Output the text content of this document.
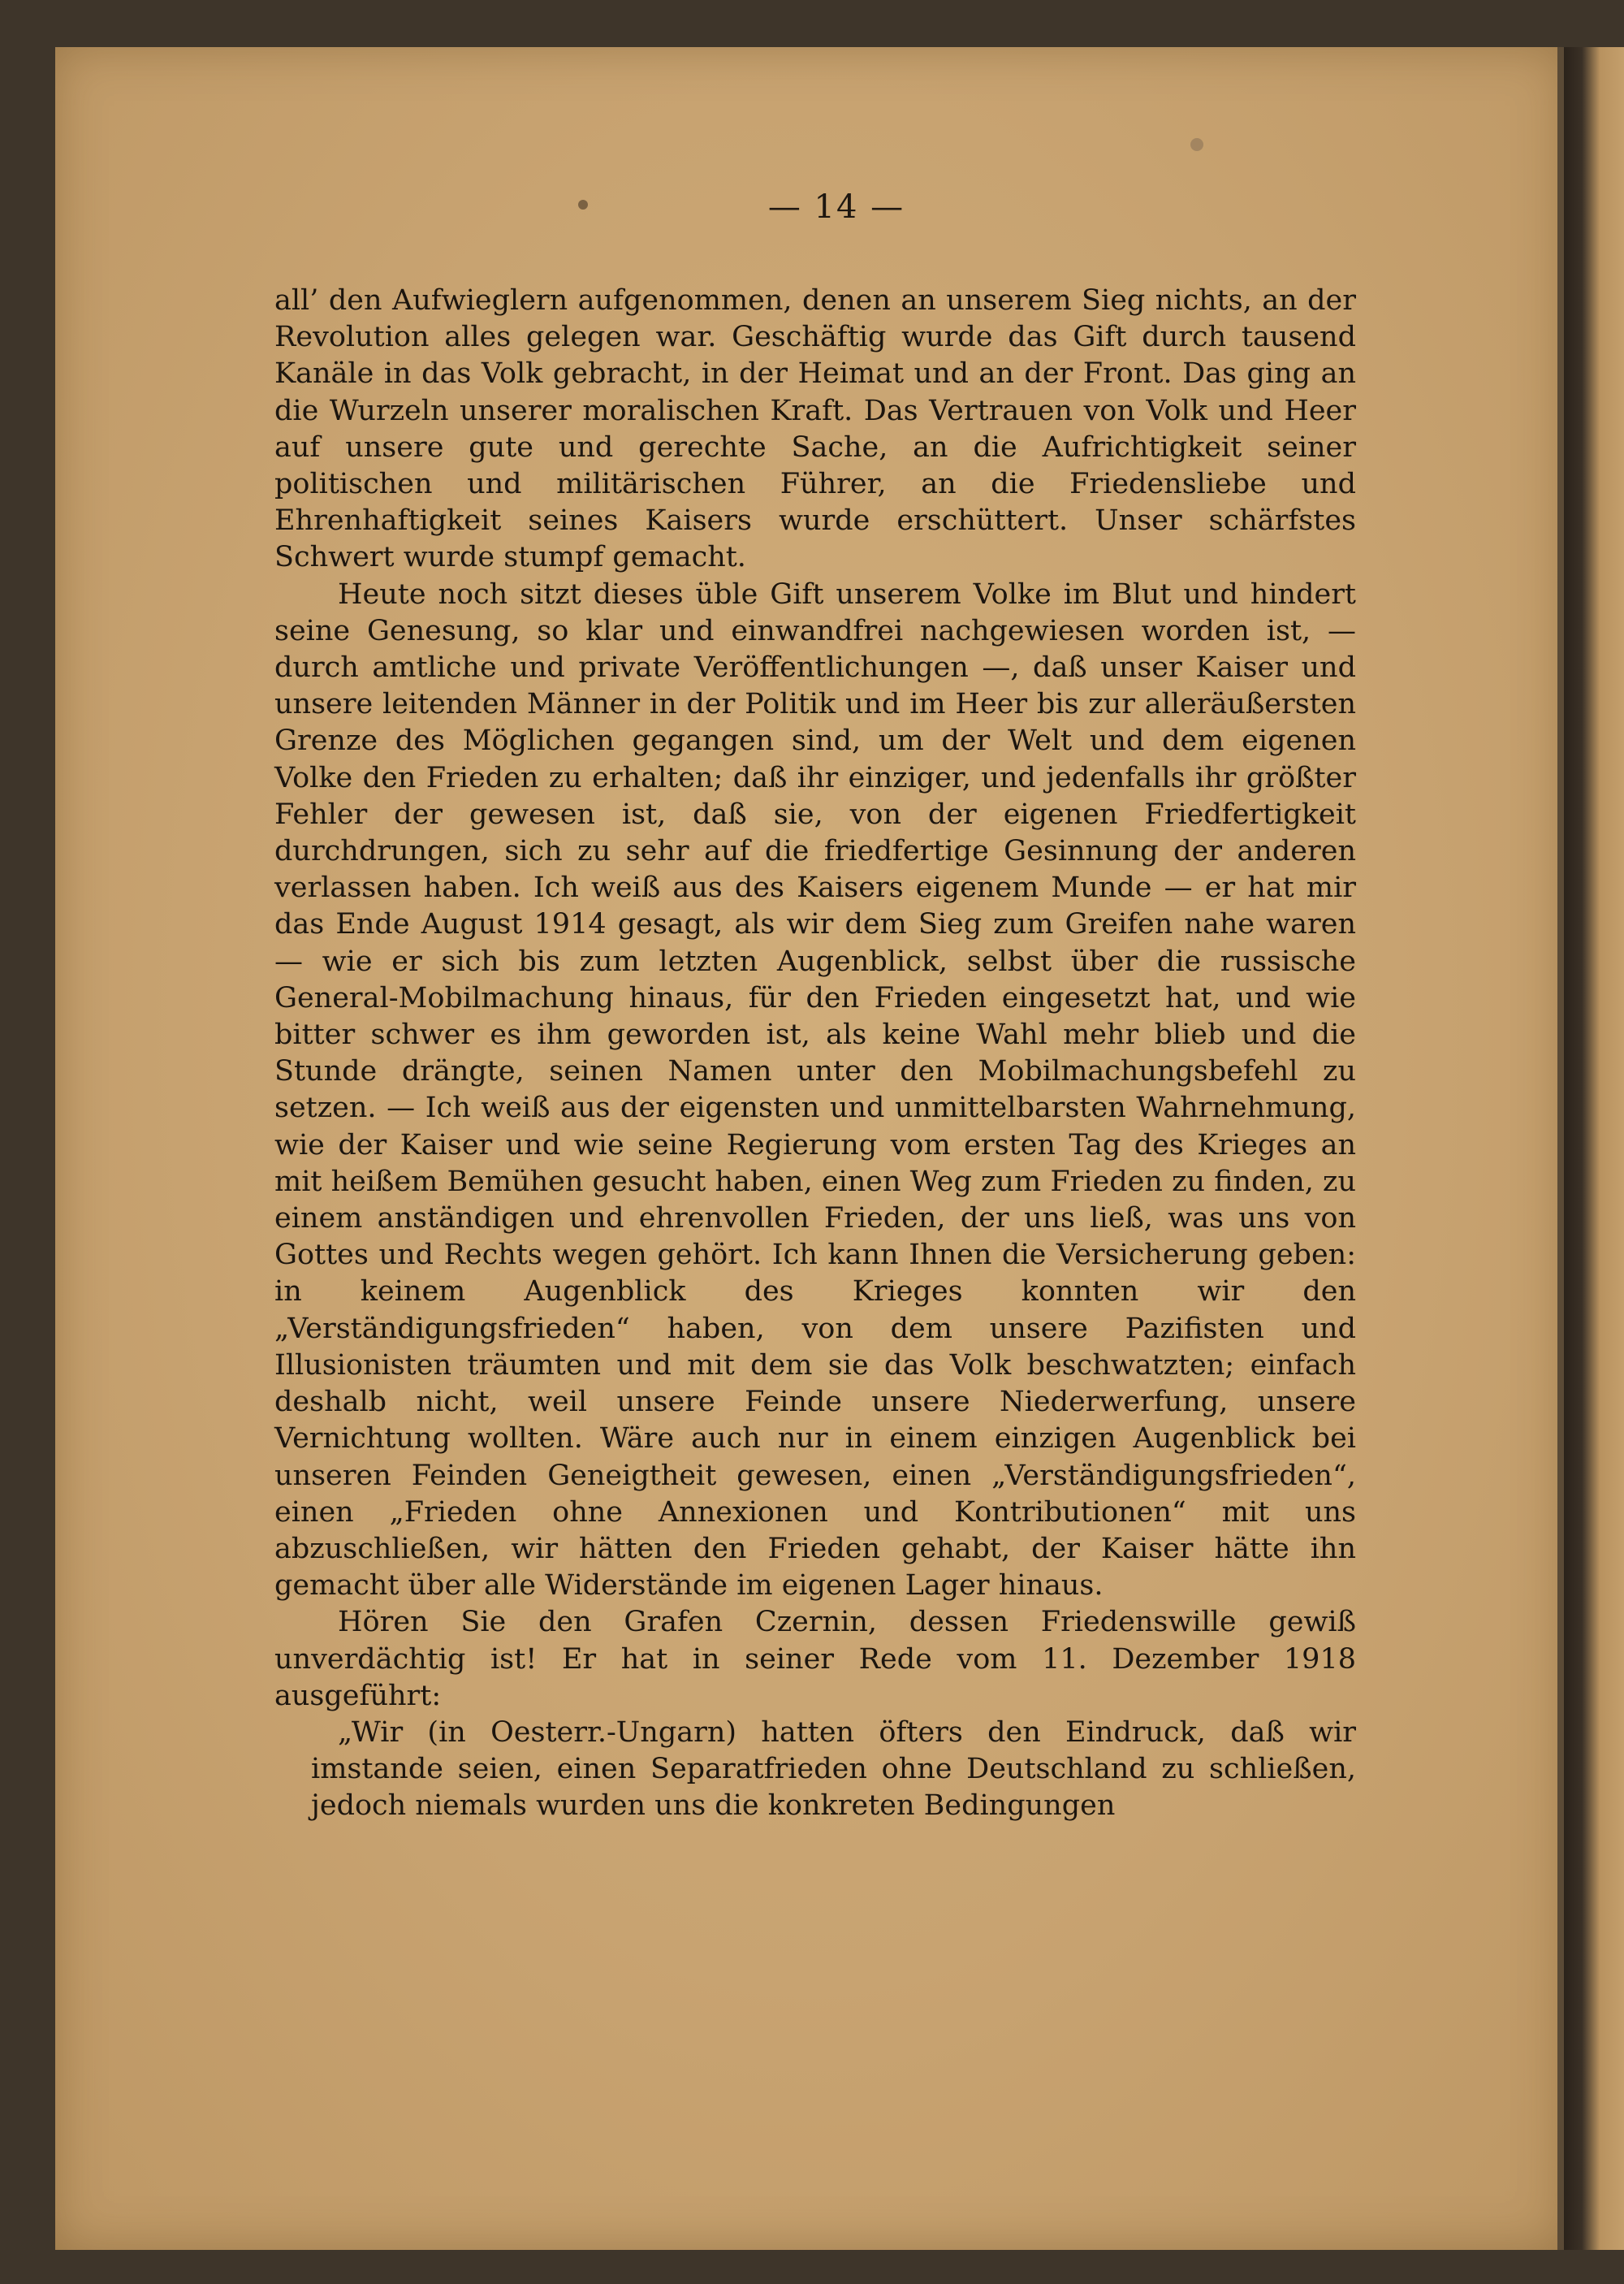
— 14 —

all’ den Aufwieglern aufgenommen, denen an unserem Sieg nichts, an der Revolution alles gelegen war. Geschäftig wurde das Gift durch tausend Kanäle in das Volk gebracht, in der Heimat und an der Front. Das ging an die Wurzeln unserer moralischen Kraft. Das Vertrauen von Volk und Heer auf unsere gute und gerechte Sache, an die Aufrichtigkeit seiner politischen und militärischen Führer, an die Friedensliebe und Ehrenhaftigkeit seines Kaisers wurde erschüttert. Unser schärfstes Schwert wurde stumpf gemacht.

Heute noch sitzt dieses üble Gift unserem Volke im Blut und hindert seine Genesung, so klar und einwandfrei nachgewiesen worden ist, — durch amtliche und private Veröffentlichungen —, daß unser Kaiser und unsere leitenden Männer in der Politik und im Heer bis zur alleräußersten Grenze des Möglichen gegangen sind, um der Welt und dem eigenen Volke den Frieden zu erhalten; daß ihr einziger, und jedenfalls ihr größter Fehler der gewesen ist, daß sie, von der eigenen Friedfertigkeit durchdrungen, sich zu sehr auf die friedfertige Gesinnung der anderen verlassen haben. Ich weiß aus des Kaisers eigenem Munde — er hat mir das Ende August 1914 gesagt, als wir dem Sieg zum Greifen nahe waren — wie er sich bis zum letzten Augenblick, selbst über die russische General-Mobilmachung hinaus, für den Frieden eingesetzt hat, und wie bitter schwer es ihm geworden ist, als keine Wahl mehr blieb und die Stunde drängte, seinen Namen unter den Mobilmachungsbefehl zu setzen. — Ich weiß aus der eigensten und unmittelbarsten Wahrnehmung, wie der Kaiser und wie seine Regierung vom ersten Tag des Krieges an mit heißem Bemühen gesucht haben, einen Weg zum Frieden zu finden, zu einem anständigen und ehrenvollen Frieden, der uns ließ, was uns von Gottes und Rechts wegen gehört. Ich kann Ihnen die Versicherung geben: in keinem Augenblick des Krieges konnten wir den „Verständigungsfrieden“ haben, von dem unsere Pazifisten und Illusionisten träumten und mit dem sie das Volk beschwatzten; einfach deshalb nicht, weil unsere Feinde unsere Niederwerfung, unsere Vernichtung wollten. Wäre auch nur in einem einzigen Augenblick bei unseren Feinden Geneigtheit gewesen, einen „Verständigungsfrieden“, einen „Frieden ohne Annexionen und Kontributionen“ mit uns abzuschließen, wir hätten den Frieden gehabt, der Kaiser hätte ihn gemacht über alle Widerstände im eigenen Lager hinaus.

Hören Sie den Grafen Czernin, dessen Friedenswille gewiß unverdächtig ist! Er hat in seiner Rede vom 11. Dezember 1918 ausgeführt:

„Wir (in Oesterr.-Ungarn) hatten öfters den Eindruck, daß wir imstande seien, einen Separatfrieden ohne Deutschland zu schließen, jedoch niemals wurden uns die konkreten Bedingungen
